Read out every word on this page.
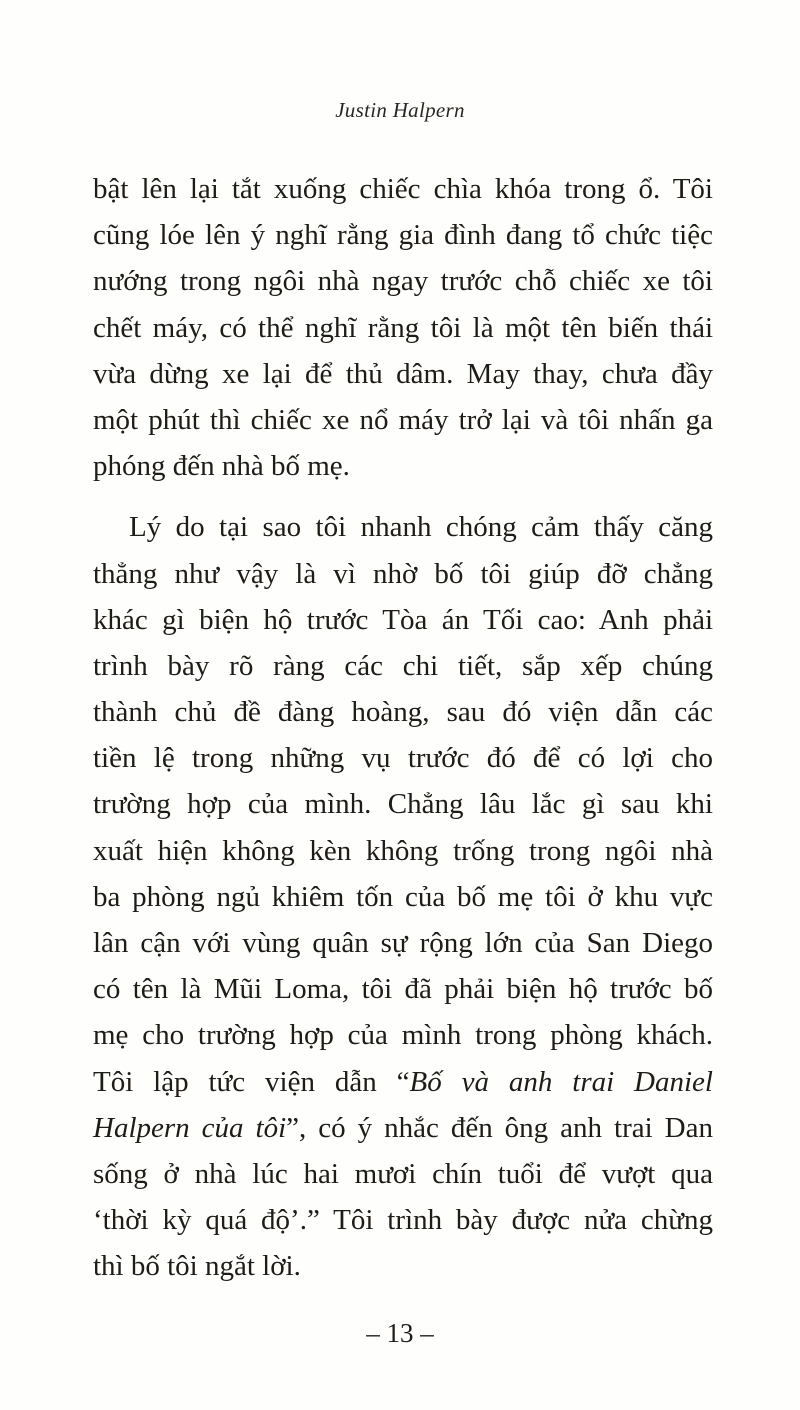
Justin Halpern
bật lên lại tắt xuống chiếc chìa khóa trong ổ. Tôi
cũng lóe lên ý nghĩ rằng gia đình đang tổ chức tiệc
nướng trong ngôi nhà ngay trước chỗ chiếc xe tôi
chết máy, có thể nghĩ rằng tôi là một tên biến thái
vừa dừng xe lại để thủ dâm. May thay, chưa đầy
một phút thì chiếc xe nổ máy trở lại và tôi nhấn ga
phóng đến nhà bố mẹ.
Lý do tại sao tôi nhanh chóng cảm thấy căng
thẳng như vậy là vì nhờ bố tôi giúp đỡ chẳng
khác gì biện hộ trước Tòa án Tối cao: Anh phải
trình bày rõ ràng các chi tiết, sắp xếp chúng
thành chủ đề đàng hoàng, sau đó viện dẫn các
tiền lệ trong những vụ trước đó để có lợi cho
trường hợp của mình. Chẳng lâu lắc gì sau khi
xuất hiện không kèn không trống trong ngôi nhà
ba phòng ngủ khiêm tốn của bố mẹ tôi ở khu vực
lân cận với vùng quân sự rộng lớn của San Diego
có tên là Mũi Loma, tôi đã phải biện hộ trước bố
mẹ cho trường hợp của mình trong phòng khách.
Tôi lập tức viện dẫn “Bố và anh trai Daniel
Halpern của tôi”, có ý nhắc đến ông anh trai Dan
sống ở nhà lúc hai mươi chín tuổi để vượt qua
‘thời kỳ quá độ’.” Tôi trình bày được nửa chừng
thì bố tôi ngắt lời.
– 13 –
